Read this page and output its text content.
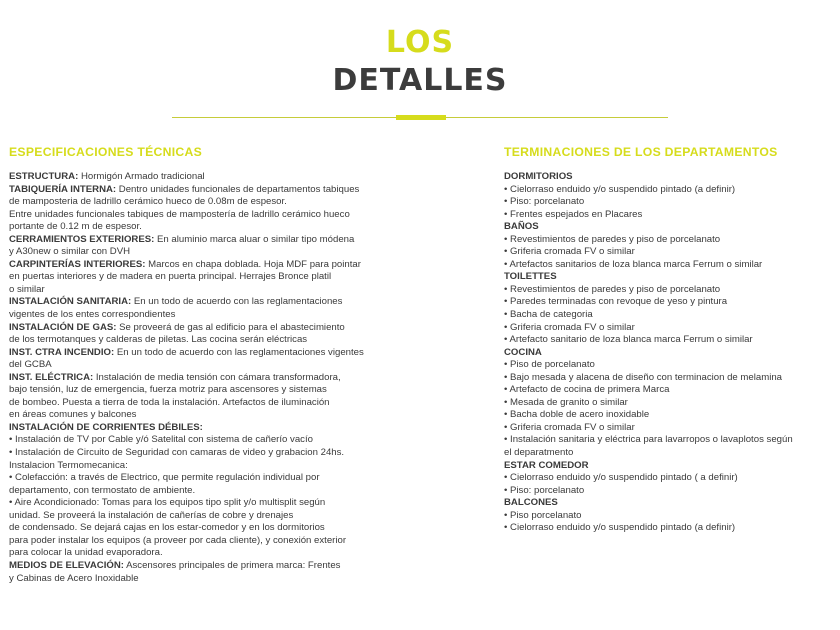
LOS
DETALLES
ESPECIFICACIONES TÉCNICAS
ESTRUCTURA: Hormigón Armado tradicional
TABIQUERÍA INTERNA: Dentro unidades funcionales de departamentos tabiques
de mamposteria de ladrillo cerámico hueco de 0.08m de espesor.
Entre unidades funcionales tabiques de mampostería de ladrillo cerámico hueco
portante de 0.12 m de espesor.
CERRAMIENTOS EXTERIORES: En aluminio marca aluar o similar tipo módena
y A30new o similar con DVH
CARPINTERÍAS INTERIORES: Marcos en chapa doblada. Hoja MDF para pointar
en puertas interiores y de madera en puerta principal. Herrajes Bronce platil
o similar
INSTALACIÓN SANITARIA: En un todo de acuerdo con las reglamentaciones
vigentes de los entes correspondientes
INSTALACIÓN DE GAS: Se proveerá de gas al edificio para el abastecimiento
de los termotanques y calderas de piletas. Las cocina serán eléctricas
INST. CTRA INCENDIO: En un todo de acuerdo con las reglamentaciones vigentes
del GCBA
INST. ELÉCTRICA: Instalación de media tensión con cámara transformadora,
bajo tensión, luz de emergencia, fuerza motriz para ascensores y sistemas
de bombeo. Puesta a tierra de toda la instalación. Artefactos de iluminación
en áreas comunes y balcones
INSTALACIÓN DE CORRIENTES DÉBILES:
• Instalación de TV por Cable y/ó Satelital con sistema de cañerío vacío
• Instalación de Circuito de Seguridad con camaras de video y grabacion 24hs.
Instalacion Termomecanica:
• Colefacción: a través de Electrico, que permite regulación individual por
departamento, con termostato de ambiente.
• Aire Acondicionado: Tomas para los equipos tipo split y/o multisplit según
unidad. Se proveerá la instalación de cañerías de cobre y drenajes
de condensado. Se dejará cajas en los estar-comedor y en los dormitorios
para poder instalar los equipos (a proveer por cada cliente), y conexión exterior
para colocar la unidad evaporadora.
MEDIOS DE ELEVACIÓN: Ascensores principales de primera marca: Frentes
y Cabinas de Acero Inoxidable
TERMINACIONES DE LOS DEPARTAMENTOS
DORMITORIOS
• Cielorraso enduido y/o suspendido pintado (a definir)
• Piso: porcelanato
• Frentes espejados en Placares
BAÑOS
• Revestimientos de paredes y piso de porcelanato
• Griferia cromada FV o similar
• Artefactos sanitarios de loza blanca marca Ferrum o similar
TOILETTES
• Revestimientos de paredes y piso de porcelanato
• Paredes terminadas con revoque de yeso y pintura
• Bacha de categoria
• Griferia cromada FV o similar
• Artefacto sanitario de loza blanca marca Ferrum o similar
COCINA
• Piso de porcelanato
• Bajo mesada y alacena de diseño con terminacion de melamina
• Artefacto de cocina de primera Marca
• Mesada de granito o similar
• Bacha doble de acero inoxidable
• Griferia cromada FV o similar
• Instalación sanitaria y eléctrica para lavarropos o lavaplotos según
el deparatmento
ESTAR COMEDOR
• Cielorraso enduido y/o suspendido pintado ( a definir)
• Piso: porcelanato
BALCONES
• Piso porcelanato
• Cielorraso enduido y/o suspendido pintado (a definir)
